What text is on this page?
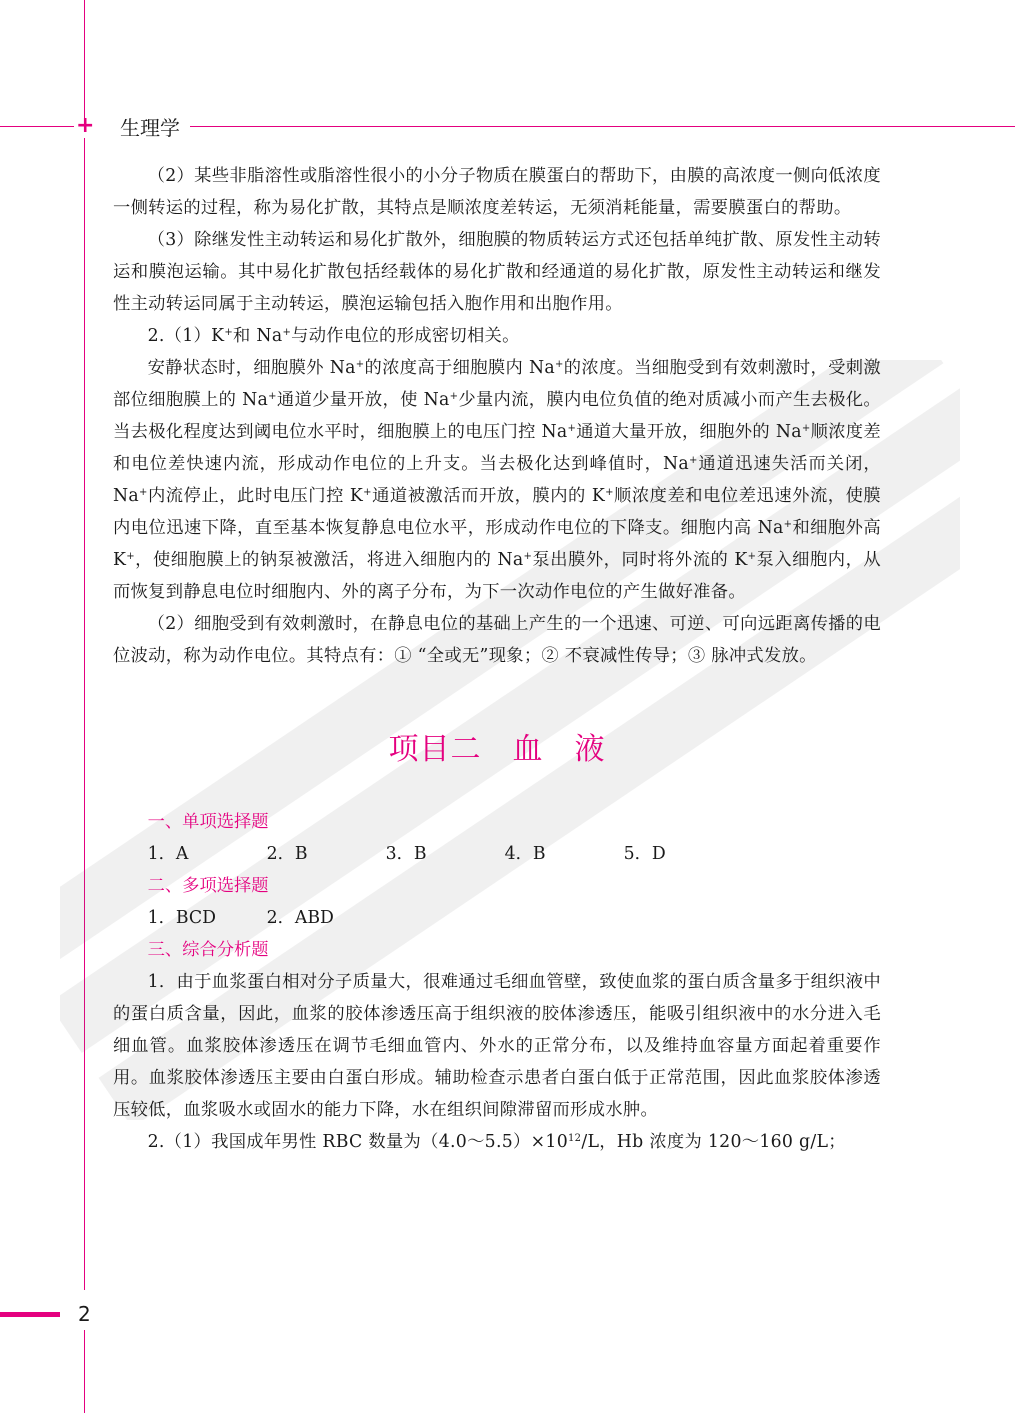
+ 生理学

（2）某些非脂溶性或脂溶性很小的小分子物质在膜蛋白的帮助下，由膜的高浓度一侧向低浓度一侧转运的过程，称为易化扩散，其特点是顺浓度差转运，无须消耗能量，需要膜蛋白的帮助。

（3）除继发性主动转运和易化扩散外，细胞膜的物质转运方式还包括单纯扩散、原发性主动转运和膜泡运输。其中易化扩散包括经载体的易化扩散和经通道的易化扩散，原发性主动转运和继发性主动转运同属于主动转运，膜泡运输包括入胞作用和出胞作用。

2.（1）K+和 Na+与动作电位的形成密切相关。

安静状态时，细胞膜外 Na+的浓度高于细胞膜内 Na+的浓度。当细胞受到有效刺激时，受刺激部位细胞膜上的 Na+通道少量开放，使 Na+少量内流，膜内电位负值的绝对质减小而产生去极化。当去极化程度达到阈电位水平时，细胞膜上的电压门控 Na+通道大量开放，细胞外的 Na+顺浓度差和电位差快速内流，形成动作电位的上升支。当去极化达到峰值时，Na+通道迅速失活而关闭，Na+内流停止，此时电压门控 K+通道被激活而开放，膜内的 K+顺浓度差和电位差迅速外流，使膜内电位迅速下降，直至基本恢复静息电位水平，形成动作电位的下降支。细胞内高 Na+和细胞外高 K+，使细胞膜上的钠泵被激活，将进入细胞内的 Na+泵出膜外，同时将外流的 K+泵入细胞内，从而恢复到静息电位时细胞内、外的离子分布，为下一次动作电位的产生做好准备。

（2）细胞受到有效刺激时，在静息电位的基础上产生的一个迅速、可逆、可向远距离传播的电位波动，称为动作电位。其特点有：① “全或无”现象；② 不衰减性传导；③ 脉冲式发放。

项目二　血　液
一、单项选择题
1．A	2．B	3．B	4．B	5．D
二、多项选择题
1．BCD	2．ABD
三、综合分析题

1．由于血浆蛋白相对分子质量大，很难通过毛细血管壁，致使血浆的蛋白质含量多于组织液中的蛋白质含量，因此，血浆的胶体渗透压高于组织液的胶体渗透压，能吸引组织液中的水分进入毛细血管。血浆胶体渗透压在调节毛细血管内、外水的正常分布，以及维持血容量方面起着重要作用。血浆胶体渗透压主要由白蛋白形成。辅助检查示患者白蛋白低于正常范围，因此血浆胶体渗透压较低，血浆吸水或固水的能力下降，水在组织间隙滞留而形成水肿。

2.（1）我国成年男性 RBC 数量为$(4.0\sim 5.5)\times 10^{12}/L$，Hb 浓度为 120～160 g/L；

2
